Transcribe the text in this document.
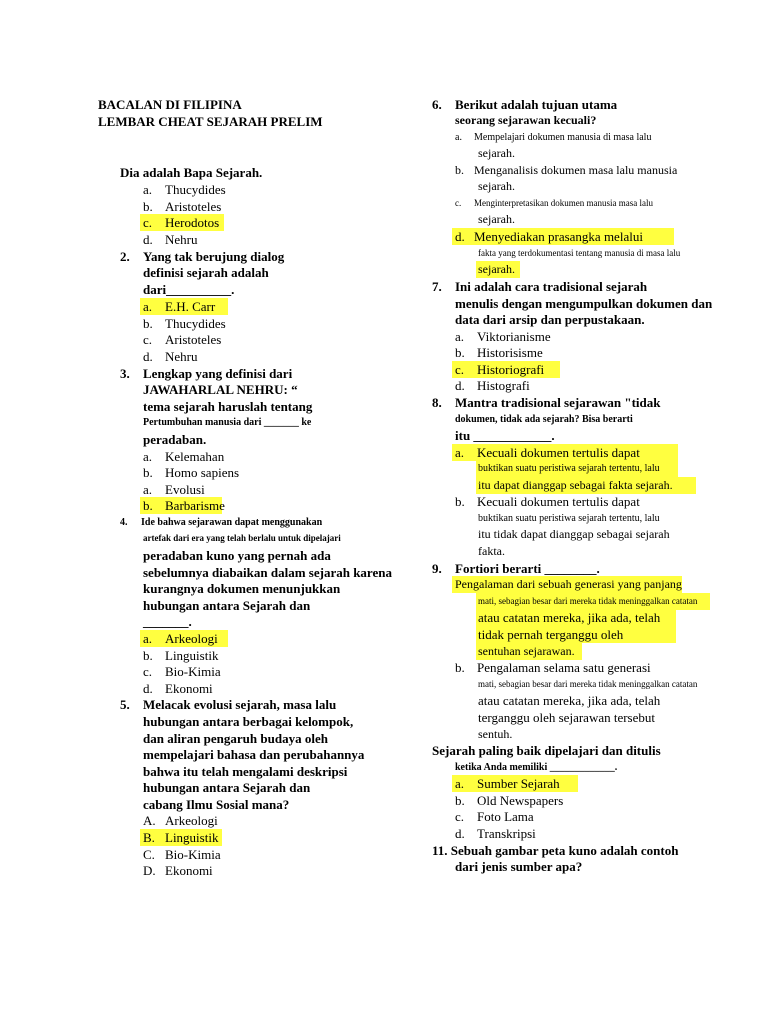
BACALAN DI FILIPINA
LEMBAR CHEAT SEJARAH PRELIM
Dia adalah Bapa Sejarah.
a. Thucydides
b. Aristoteles
c. Herodotos
d. Nehru
2. Yang tak berujung dialog
definisi sejarah adalah
dari__________.
a. E.H. Carr
b. Thucydides
c. Aristoteles
d. Nehru
3. Lengkap yang definisi dari
JAWAHARLAL NEHRU: “
tema sejarah haruslah tentang
Pertumbuhan manusia dari _______ ke
peradaban.
a. Kelemahan
b. Homo sapiens
a. Evolusi
b. Barbarisme
4. Ide bahwa sejarawan dapat menggunakan
artefak dari era yang telah berlalu untuk dipelajari
peradaban kuno yang pernah ada
sebelumnya diabaikan dalam sejarah karena
kurangnya dokumen menunjukkan
hubungan antara Sejarah dan
_______.
a. Arkeologi
b. Linguistik
c. Bio-Kimia
d. Ekonomi
5. Melacak evolusi sejarah, masa lalu
hubungan antara berbagai kelompok,
dan aliran pengaruh budaya oleh
mempelajari bahasa dan perubahannya
bahwa itu telah mengalami deskripsi
hubungan antara Sejarah dan
cabang Ilmu Sosial mana?
A. Arkeologi
B. Linguistik
C. Bio-Kimia
D. Ekonomi
6. Berikut adalah tujuan utama
seorang sejarawan kecuali?
a. Mempelajari dokumen manusia di masa lalu
sejarah.
b. Menganalisis dokumen masa lalu manusia
sejarah.
c. Menginterpretasikan dokumen manusia masa lalu
sejarah.
d. Menyediakan prasangka melalui
fakta yang terdokumentasi tentang manusia di masa lalu
sejarah.
7. Ini adalah cara tradisional sejarah
menulis dengan mengumpulkan dokumen dan
data dari arsip dan perpustakaan.
a. Viktorianisme
b. Historisisme
c. Historiografi
d. Histografi
8. Mantra tradisional sejarawan "tidak
dokumen, tidak ada sejarah? Bisa berarti
itu ____________.
a. Kecuali dokumen tertulis dapat
buktikan suatu peristiwa sejarah tertentu, lalu
itu dapat dianggap sebagai fakta sejarah.
b. Kecuali dokumen tertulis dapat
buktikan suatu peristiwa sejarah tertentu, lalu
itu tidak dapat dianggap sebagai sejarah
fakta.
9. Fortiori berarti ________.
Pengalaman dari sebuah generasi yang panjang
mati, sebagian besar dari mereka tidak meninggalkan catatan
atau catatan mereka, jika ada, telah
tidak pernah terganggu oleh
sentuhan sejarawan.
b. Pengalaman selama satu generasi
mati, sebagian besar dari mereka tidak meninggalkan catatan
atau catatan mereka, jika ada, telah
terganggu oleh sejarawan tersebut
sentuh.
Sejarah paling baik dipelajari dan ditulis
ketika Anda memiliki _____________.
a. Sumber Sejarah
b. Old Newspapers
c. Foto Lama
d. Transkripsi
11. Sebuah gambar peta kuno adalah contoh
dari jenis sumber apa?
